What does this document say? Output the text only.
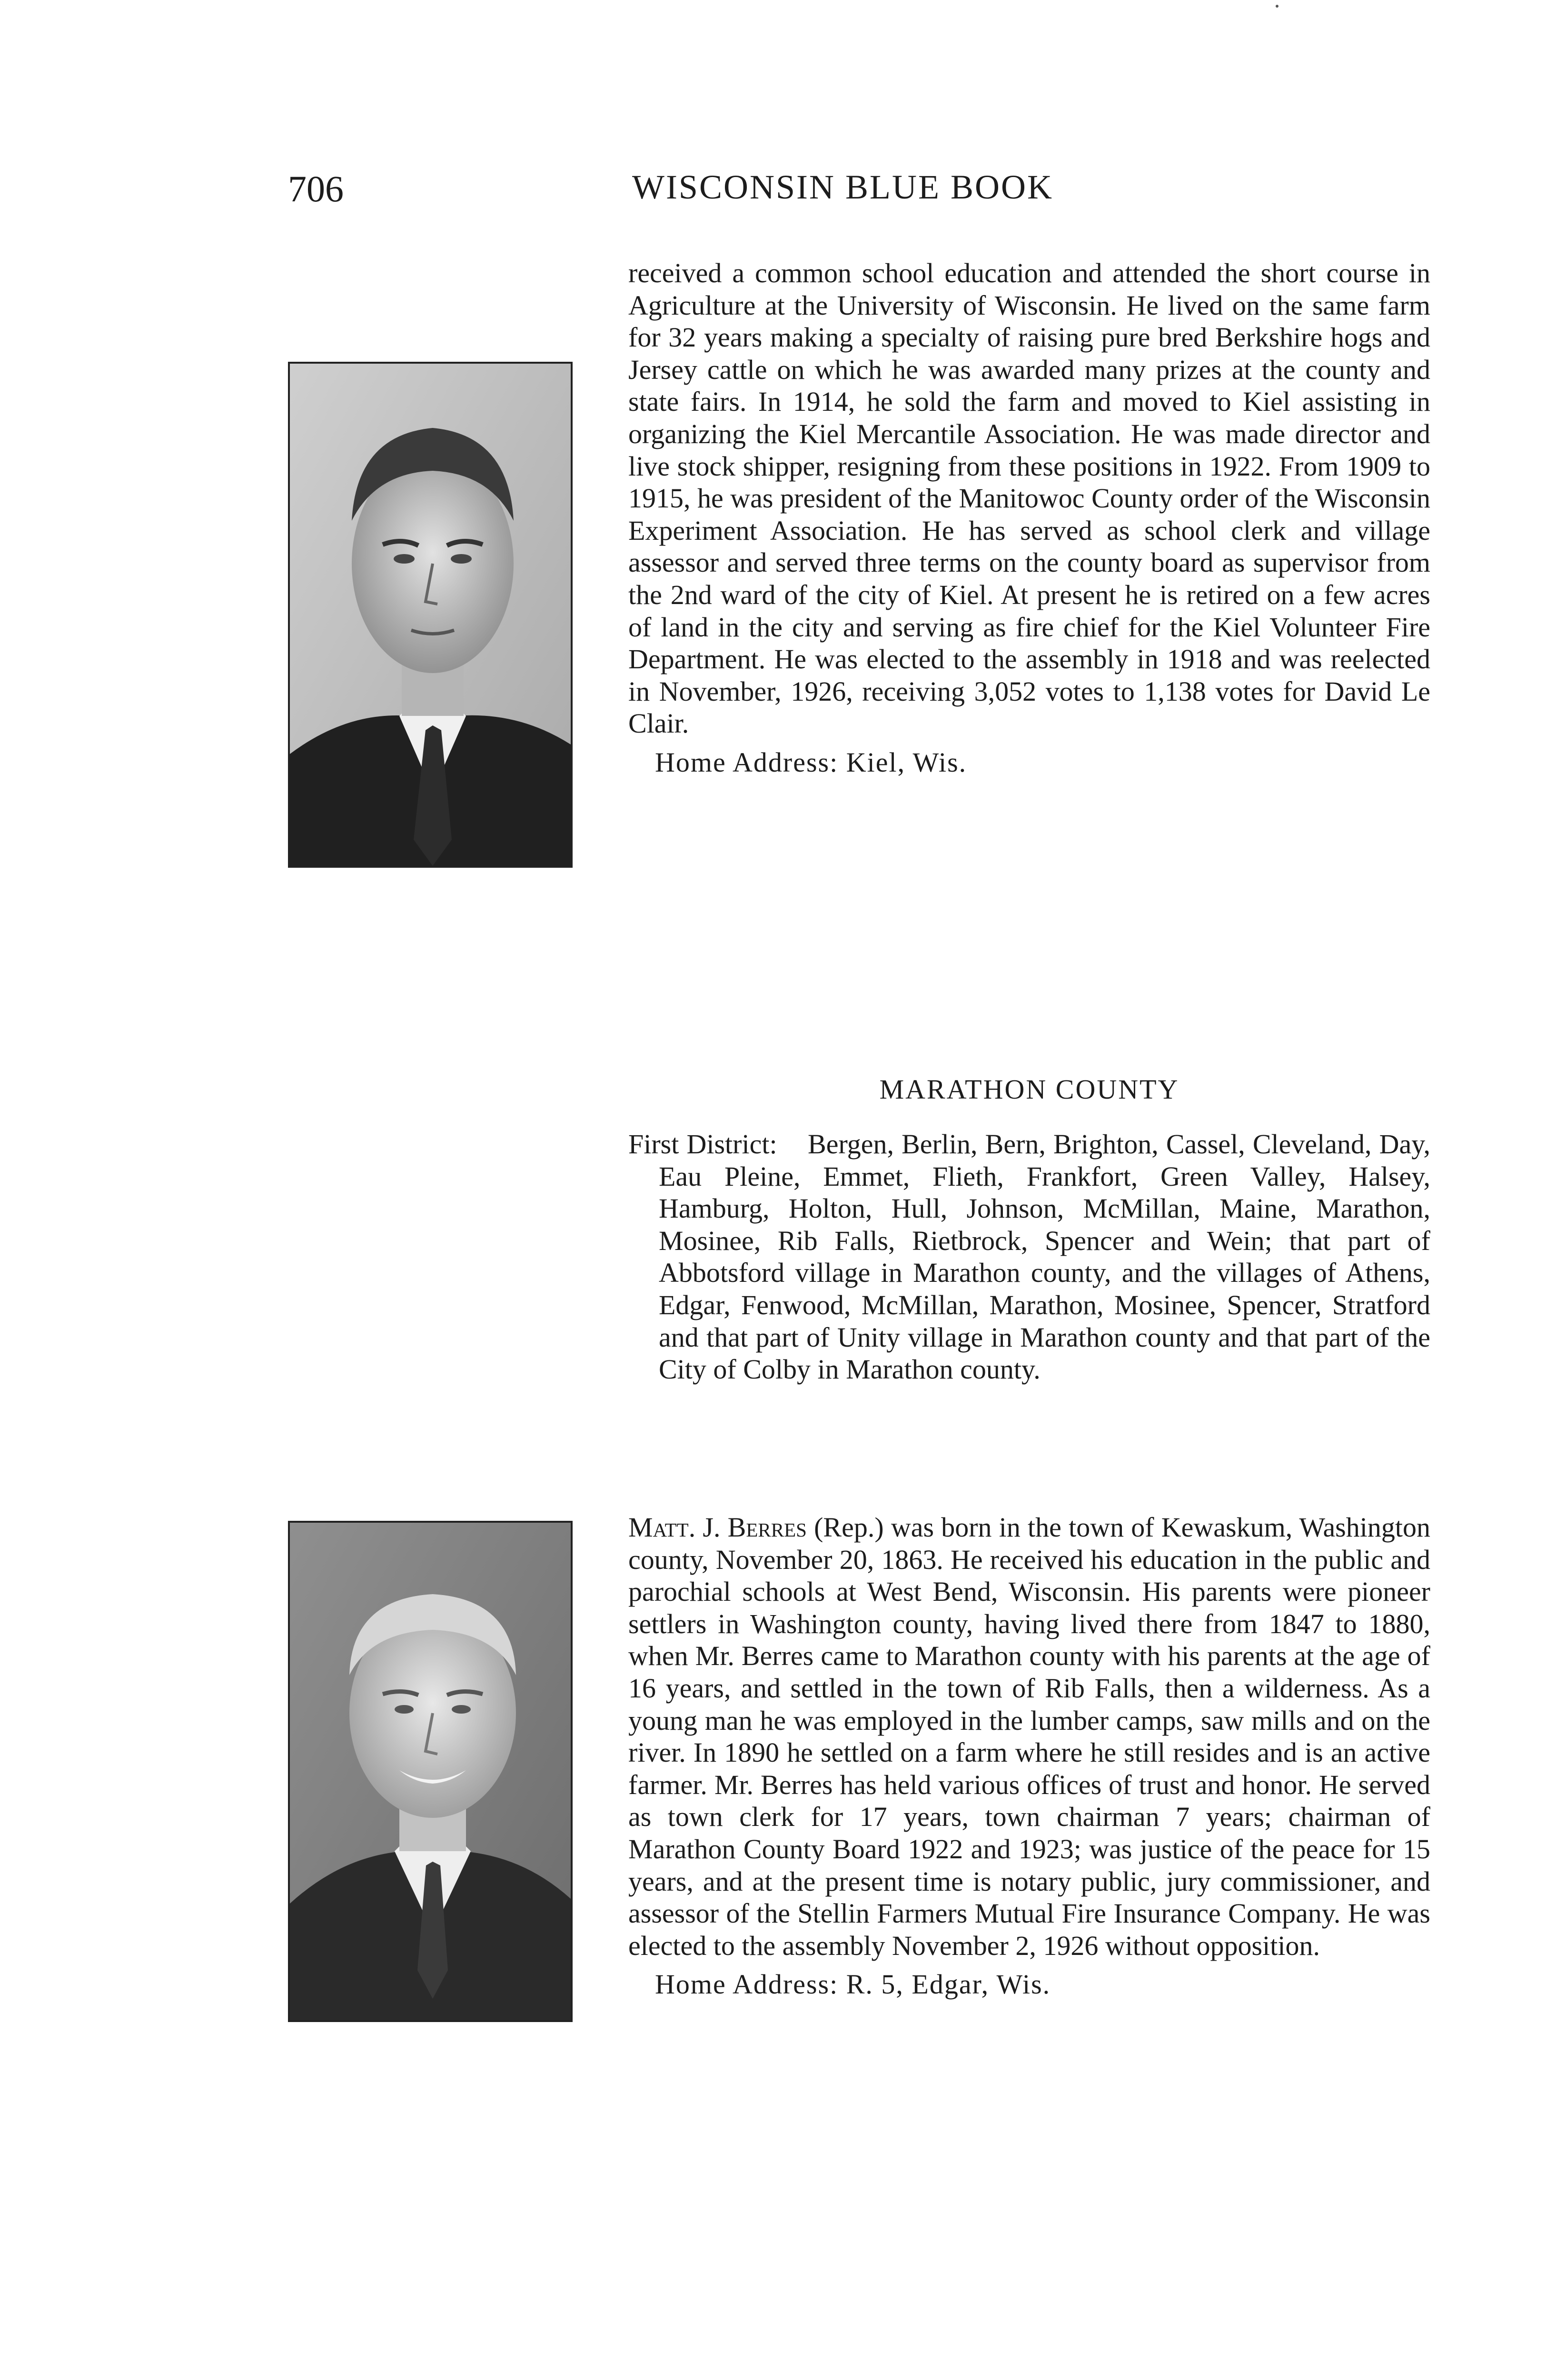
706	WISCONSIN BLUE BOOK

received a common school education and attended the short course in Agriculture at the University of Wisconsin. He lived on the same farm for 32 years making a specialty of raising pure bred Berkshire hogs and Jersey cattle on which he was awarded many prizes at the county and state fairs. In 1914, he sold the farm and moved to Kiel assisting in organizing the Kiel Mercantile Association. He was made director and live stock shipper, resigning from these positions in 1922. From 1909 to 1915, he was president of the Manitowoc County order of the Wisconsin Experiment Association. He has served as school clerk and village assessor and served three terms on the county board as supervisor from the 2nd ward of the city of Kiel. At present he is retired on a few acres of land in the city and serving as fire chief for the Kiel Volunteer Fire Department. He was elected to the assembly in 1918 and was reelected in November, 1926, receiving 3,052 votes to 1,138 votes for David Le Clair.

Home Address: Kiel, Wis.
MARATHON COUNTY
First District: Bergen, Berlin, Bern, Brighton, Cassel, Cleveland, Day, Eau Pleine, Emmet, Flieth, Frankfort, Green Valley, Halsey, Hamburg, Holton, Hull, Johnson, McMillan, Maine, Marathon, Mosinee, Rib Falls, Rietbrock, Spencer and Wein; that part of Abbotsford village in Marathon county, and the villages of Athens, Edgar, Fenwood, McMillan, Marathon, Mosinee, Spencer, Stratford and that part of Unity village in Marathon county and that part of the City of Colby in Marathon county.

Matt. J. Berres (Rep.) was born in the town of Kewaskum, Washington county, November 20, 1863. He received his education in the public and parochial schools at West Bend, Wisconsin. His parents were pioneer settlers in Washington county, having lived there from 1847 to 1880, when Mr. Berres came to Marathon county with his parents at the age of 16 years, and settled in the town of Rib Falls, then a wilderness. As a young man he was employed in the lumber camps, saw mills and on the river. In 1890 he settled on a farm where he still resides and is an active farmer. Mr. Berres has held various offices of trust and honor. He served as town clerk for 17 years, town chairman 7 years; chairman of Marathon County Board 1922 and 1923; was justice of the peace for 15 years, and at the present time is notary public, jury commissioner, and assessor of the Stellin Farmers Mutual Fire Insurance Company. He was elected to the assembly November 2, 1926 without opposition.

Home Address: R. 5, Edgar, Wis.
